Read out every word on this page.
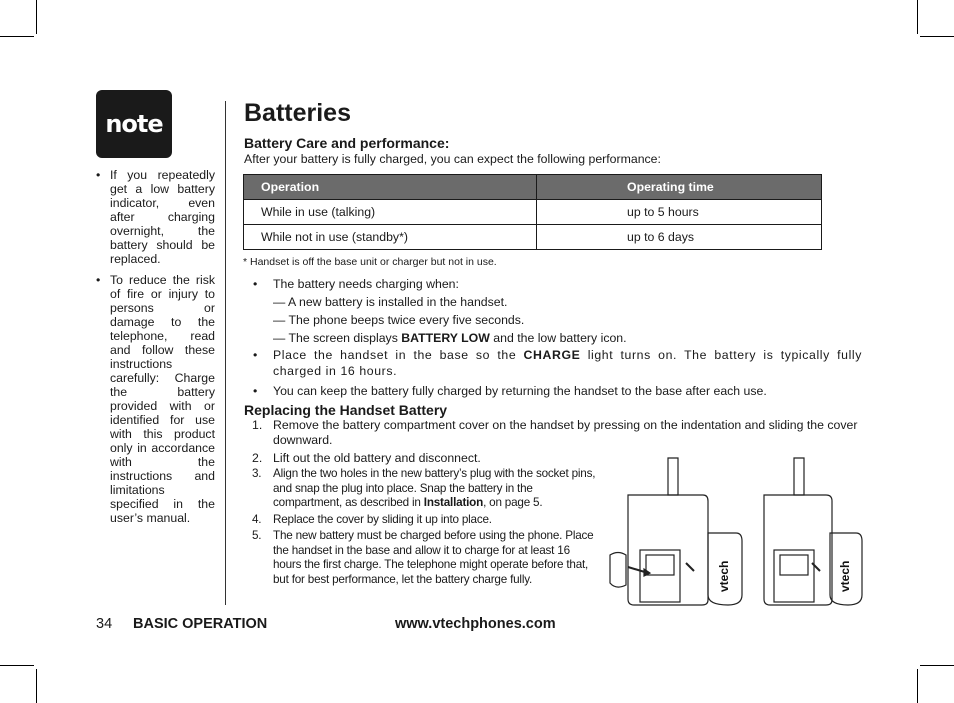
note
• If you repeatedly get a low battery indicator, even after charging overnight, the battery should be replaced.
• To reduce the risk of fire or injury to persons or damage to the telephone, read and follow these instructions carefully: Charge the battery provided with or identified for use with this product only in accordance with the instructions and limitations specified in the user’s manual.
Batteries
Battery Care and performance:
After your battery is fully charged, you can expect the following performance:
Operation	Operating time
While in use (talking)	up to 5 hours
While not in use (standby*)	up to 6 days
* Handset is off the base unit or charger but not in use.
• The battery needs charging when:
— A new battery is installed in the handset.
— The phone beeps twice every five seconds.
— The screen displays BATTERY LOW and the low battery icon.
• Place the handset in the base so the CHARGE light turns on. The battery is typically fully charged in 16 hours.
• You can keep the battery fully charged by returning the handset to the base after each use.
Replacing the Handset Battery
1. Remove the battery compartment cover on the handset by pressing on the indentation and sliding the cover downward.
2. Lift out the old battery and disconnect.
3. Align the two holes in the new battery’s plug with the socket pins, and snap the plug into place. Snap the battery in the compartment, as described in Installation, on page 5.
4. Replace the cover by sliding it up into place.
5. The new battery must be charged before using the phone. Place the handset in the base and allow it to charge for at least 16 hours the first charge. The telephone might operate before that, but for best performance, let the battery charge fully.	vtech	vtech
34 BASIC OPERATION	www.vtechphones.com
